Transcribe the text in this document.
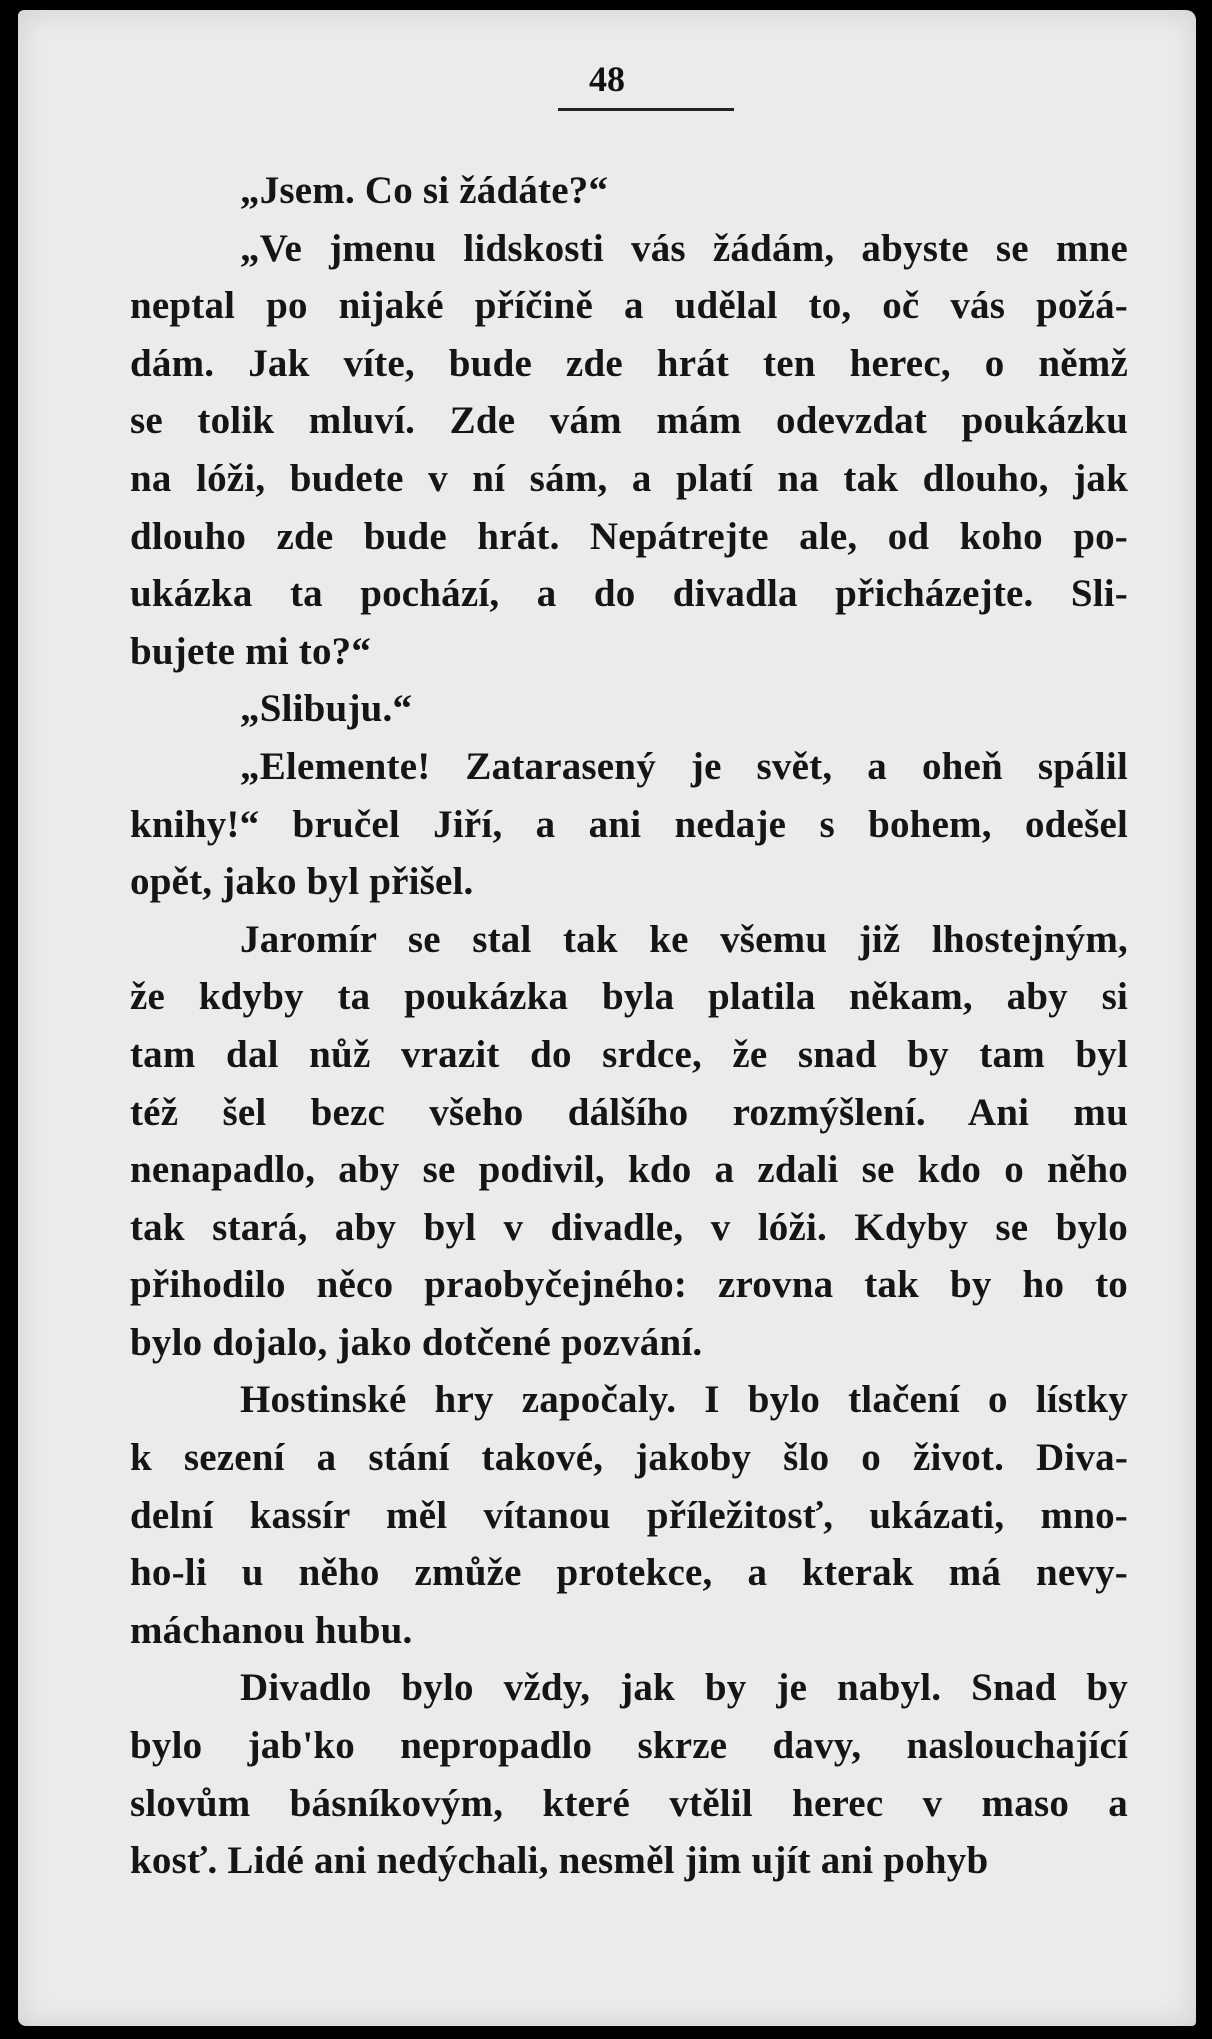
48

„Jsem. Co si žádáte?“

„Ve jmenu lidskosti vás žádám, abyste se mne
neptal po nijaké příčině a udělal to, oč vás požá-
dám. Jak víte, bude zde hrát ten herec, o němž
se tolik mluví. Zde vám mám odevzdat poukázku
na lóži, budete v ní sám, a platí na tak dlouho, jak
dlouho zde bude hrát. Nepátrejte ale, od koho po-
ukázka ta pochází, a do divadla přicházejte. Sli-
bujete mi to?“

„Slibuju.“

„Elemente! Zatarasený je svět, a oheň spálil
knihy!“ bručel Jiří, a ani nedaje s bohem, odešel
opět, jako byl přišel.

Jaromír se stal tak ke všemu již lhostejným,
že kdyby ta poukázka byla platila někam, aby si
tam dal nůž vrazit do srdce, že snad by tam byl
též šel bezc všeho dálšího rozmýšlení. Ani mu
nenapadlo, aby se podivil, kdo a zdali se kdo o něho
tak stará, aby byl v divadle, v lóži. Kdyby se bylo
přihodilo něco praobyčejného: zrovna tak by ho to
bylo dojalo, jako dotčené pozvání.

Hostinské hry započaly. I bylo tlačení o lístky
k sezení a stání takové, jakoby šlo o život. Diva-
delní kassír měl vítanou příležitosť, ukázati, mno-
ho-li u něho zmůže protekce, a kterak má nevy-
máchanou hubu.

Divadlo bylo vždy, jak by je nabyl. Snad by
bylo jab'ko nepropadlo skrze davy, naslouchající
slovům básníkovým, které vtělil herec v maso a
kosť. Lidé ani nedýchali, nesměl jim ujít ani pohyb
